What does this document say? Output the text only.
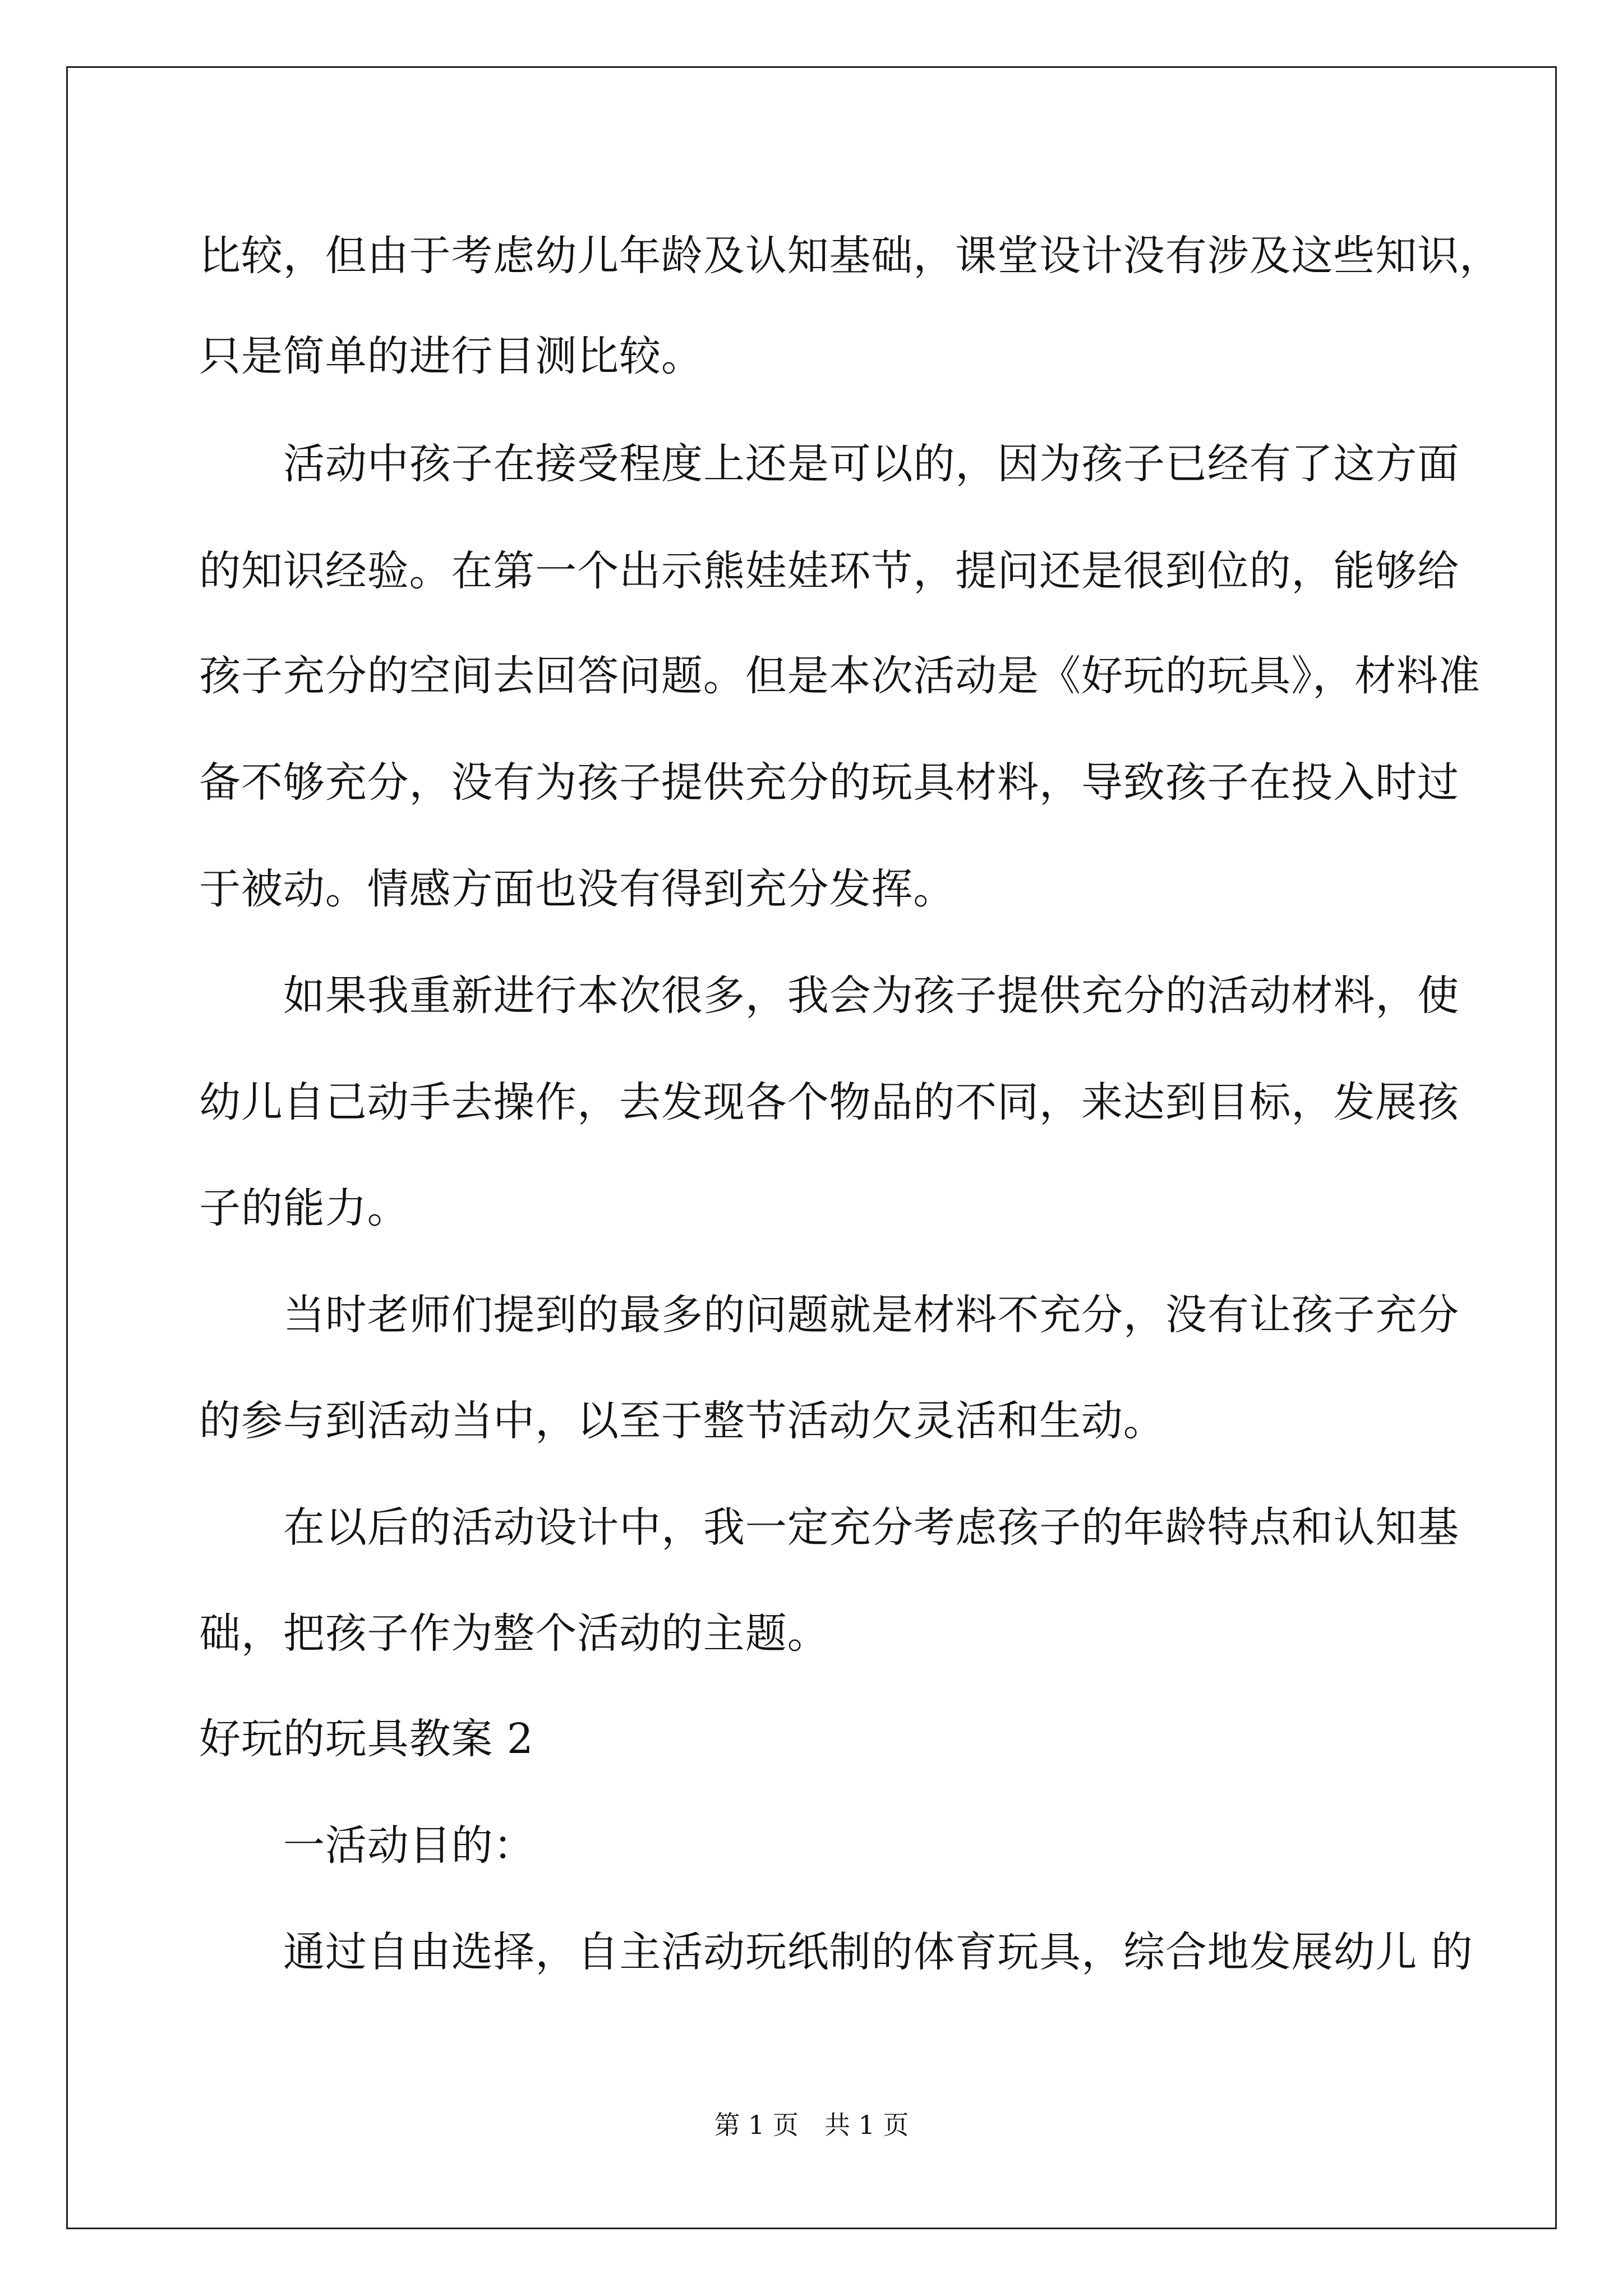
比较，但由于考虑幼儿年龄及认知基础，课堂设计没有涉及这些知识，
只是简单的进行目测比较。
活动中孩子在接受程度上还是可以的，因为孩子已经有了这方面
的知识经验。在第一个出示熊娃娃环节，提问还是很到位的，能够给
孩子充分的空间去回答问题。但是本次活动是《好玩的玩具》，材料准
备不够充分，没有为孩子提供充分的玩具材料，导致孩子在投入时过
于被动。情感方面也没有得到充分发挥。
如果我重新进行本次很多，我会为孩子提供充分的活动材料，使
幼儿自己动手去操作，去发现各个物品的不同，来达到目标，发展孩
子的能力。
当时老师们提到的最多的问题就是材料不充分，没有让孩子充分
的参与到活动当中，以至于整节活动欠灵活和生动。
在以后的活动设计中，我一定充分考虑孩子的年龄特点和认知基
础，把孩子作为整个活动的主题。
好玩的玩具教案 2
一活动目的：
通过自由选择，自主活动玩纸制的体育玩具，综合地发展幼儿 的
第 1 页　共 1 页
